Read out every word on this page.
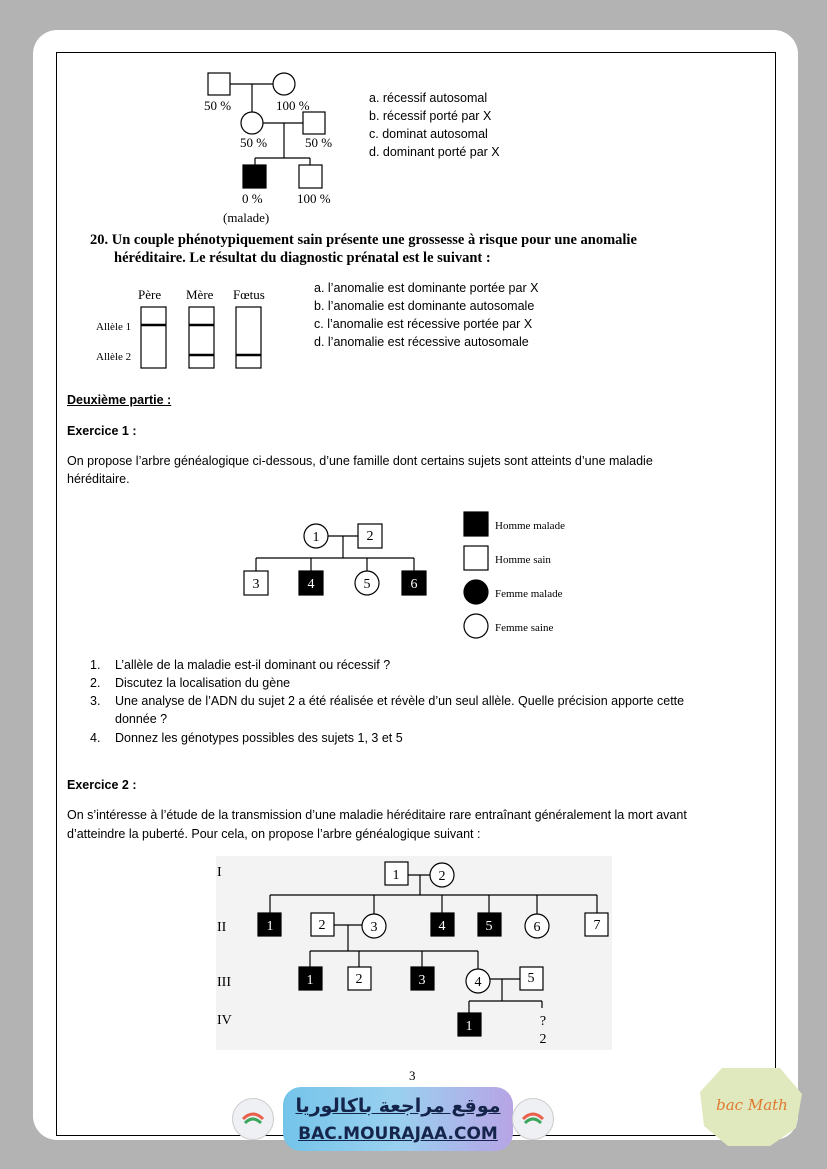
50 %	100 %
50 %	50 %
0 %	100 %
(malade)
a. récessif autosomal
b. récessif porté par X
c. dominat autosomal
d. dominant porté par X
20. Un couple phénotypiquement sain présente une grossesse à risque pour une anomalie
héréditaire. Le résultat du diagnostic prénatal est le suivant :
Père Mère Fœtus
Allèle 1
Allèle 2
a. l’anomalie est dominante portée par X
b. l’anomalie est dominante autosomale
c. l’anomalie est récessive portée par X
d. l’anomalie est récessive autosomale
Deuxième partie :
Exercice 1 :
On propose l’arbre généalogique ci-dessous, d’une famille dont certains sujets sont atteints d’une maladie
héréditaire.
1	2
3	4	5	6
Homme malade
Homme sain
Femme malade
Femme saine
1. L’allèle de la maladie est-il dominant ou récessif ?
2. Discutez la localisation du gène
3. Une analyse de l’ADN du sujet 2 a été réalisée et révèle d’un seul allèle. Quelle précision apporte cette
donnée ?
4. Donnez les génotypes possibles des sujets 1, 3 et 5
Exercice 2 :
On s’intéresse à l’étude de la transmission d’une maladie héréditaire rare entraînant généralement la mort avant
d’atteindre la puberté. Pour cela, on propose l’arbre généalogique suivant :
I
II
III
IV
1	2
1	2	3	4	5	6	7
1	2	3	4	5
1	?
2
3
موقع مراجعة باكالوريا
BAC.MOURAJAA.COM
bac Math
